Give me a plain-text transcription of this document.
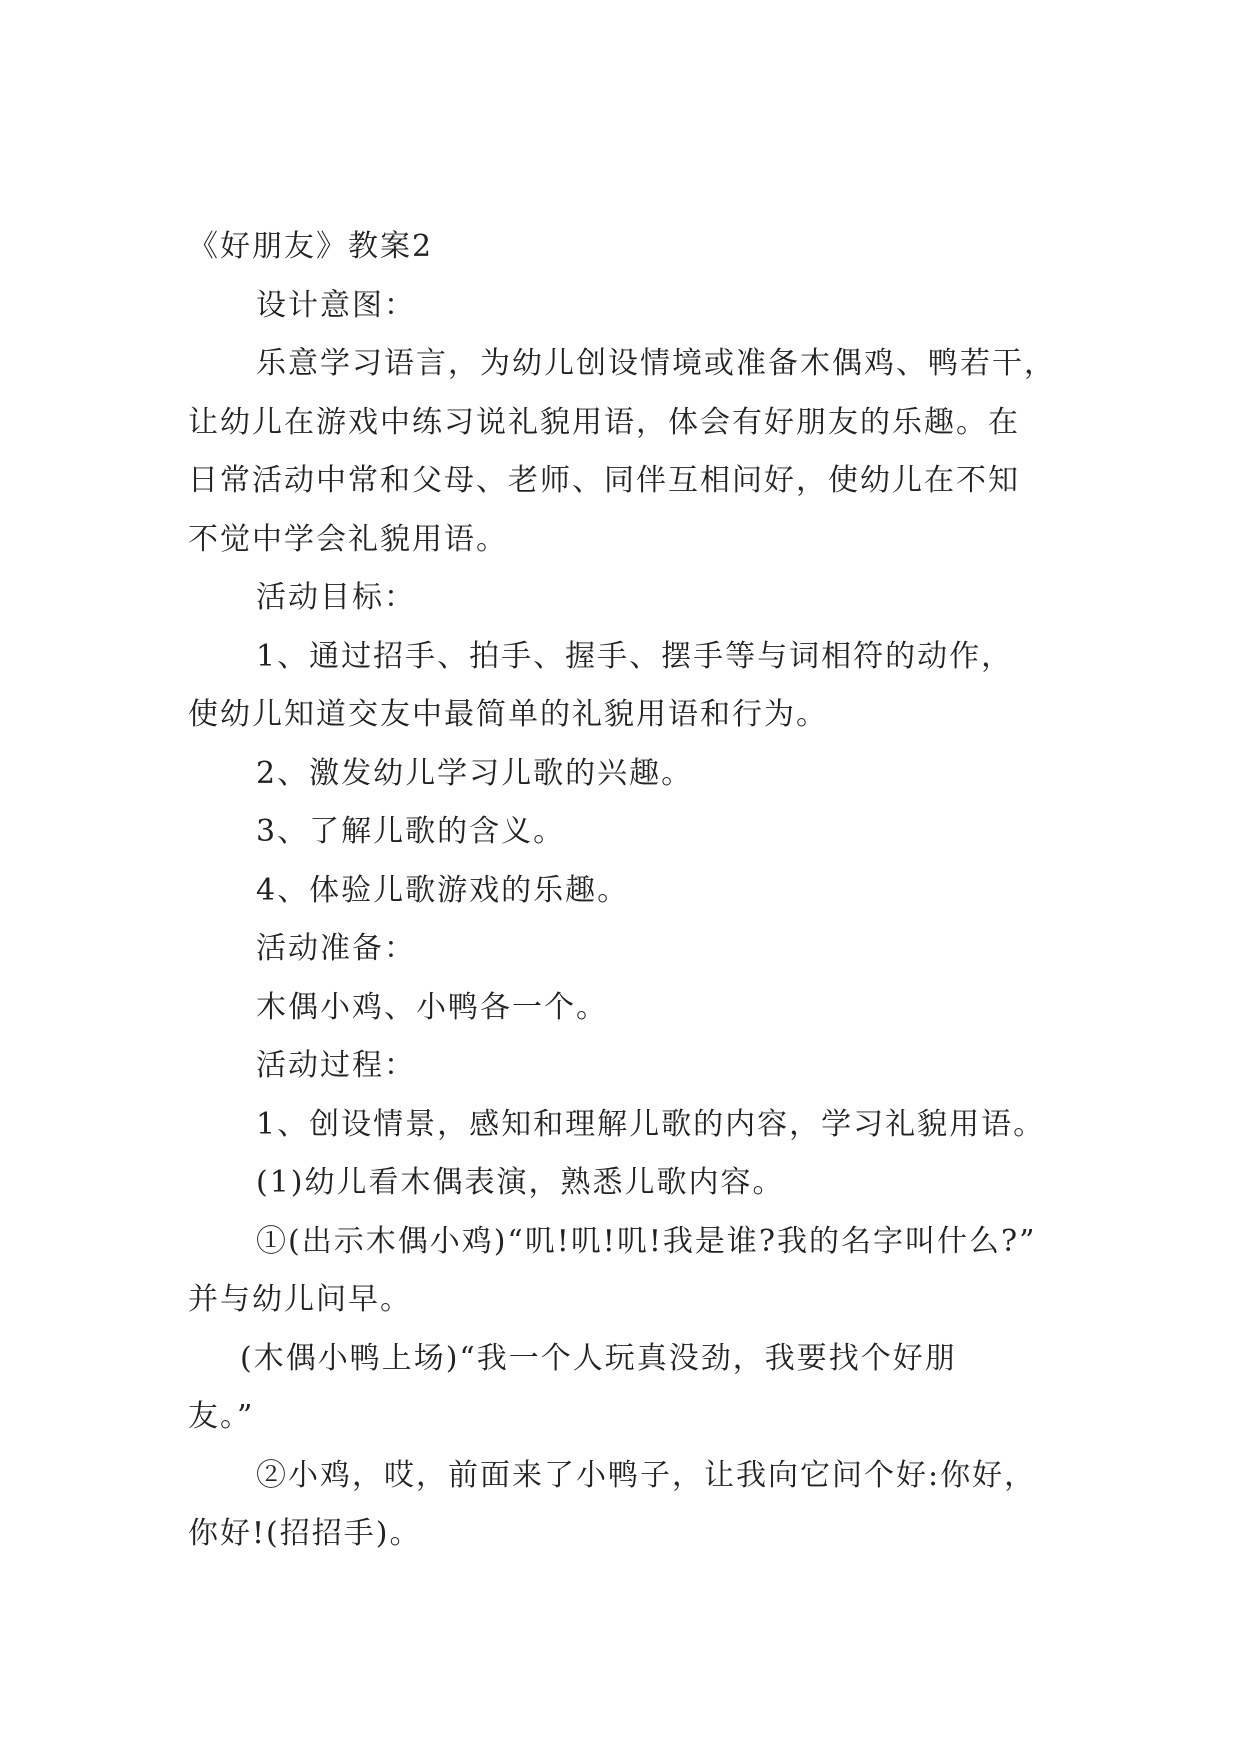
《好朋友》教案2
设计意图：
乐意学习语言，为幼儿创设情境或准备木偶鸡、鸭若干，
让幼儿在游戏中练习说礼貌用语，体会有好朋友的乐趣。在
日常活动中常和父母、老师、同伴互相问好，使幼儿在不知
不觉中学会礼貌用语。
活动目标：
1、通过招手、拍手、握手、摆手等与词相符的动作，
使幼儿知道交友中最简单的礼貌用语和行为。
2、激发幼儿学习儿歌的兴趣。
3、了解儿歌的含义。
4、体验儿歌游戏的乐趣。
活动准备：
木偶小鸡、小鸭各一个。
活动过程：
1、创设情景，感知和理解儿歌的内容，学习礼貌用语。
(1)幼儿看木偶表演，熟悉儿歌内容。
①(出示木偶小鸡)“叽!叽!叽!我是谁?我的名字叫什么?”
并与幼儿问早。
(木偶小鸭上场)“我一个人玩真没劲，我要找个好朋
友。”
②小鸡，哎，前面来了小鸭子，让我向它问个好:你好，
你好!(招招手)。
